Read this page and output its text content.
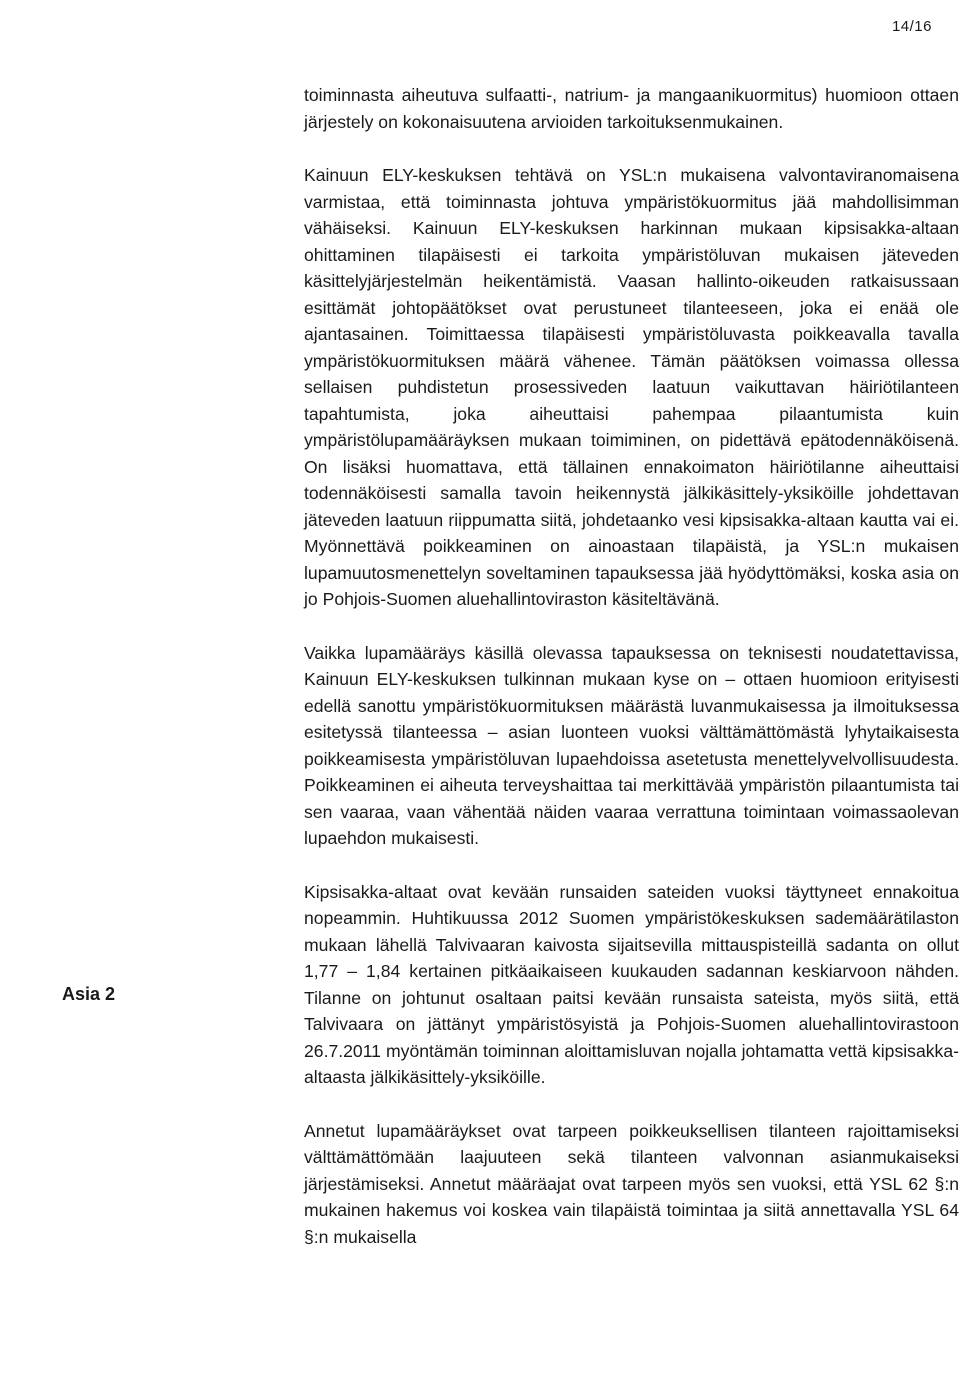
14/16
Asia 2

toiminnasta aiheutuva sulfaatti-, natrium- ja mangaanikuormitus) huomioon ottaen järjestely on kokonaisuutena arvioiden tarkoituksenmukainen.

Kainuun ELY-keskuksen tehtävä on YSL:n mukaisena valvontaviranomaisena varmistaa, että toiminnasta johtuva ympäristökuormitus jää mahdollisimman vähäiseksi. Kainuun ELY-keskuksen harkinnan mukaan kipsisakka-altaan ohittaminen tilapäisesti ei tarkoita ympäristöluvan mukaisen jäteveden käsittelyjärjestelmän heikentämistä. Vaasan hallinto-oikeuden ratkaisussaan esittämät johtopäätökset ovat perustuneet tilanteeseen, joka ei enää ole ajantasainen. Toimittaessa tilapäisesti ympäristöluvasta poikkeavalla tavalla ympäristökuormituksen määrä vähenee. Tämän päätöksen voimassa ollessa sellaisen puhdistetun prosessiveden laatuun vaikuttavan häiriötilanteen tapahtumista, joka aiheuttaisi pahempaa pilaantumista kuin ympäristölupamääräyksen mukaan toimiminen, on pidettävä epätodennäköisenä. On lisäksi huomattava, että tällainen ennakoimaton häiriötilanne aiheuttaisi todennäköisesti samalla tavoin heikennystä jälkikäsittely-yksiköille johdettavan jäteveden laatuun riippumatta siitä, johdetaanko vesi kipsisakka-altaan kautta vai ei. Myönnettävä poikkeaminen on ainoastaan tilapäistä, ja YSL:n mukaisen lupamuutosmenettelyn soveltaminen tapauksessa jää hyödyttömäksi, koska asia on jo Pohjois-Suomen aluehallintoviraston käsiteltävänä.

Vaikka lupamääräys käsillä olevassa tapauksessa on teknisesti noudatettavissa, Kainuun ELY-keskuksen tulkinnan mukaan kyse on – ottaen huomioon erityisesti edellä sanottu ympäristökuormituksen määrästä luvanmukaisessa ja ilmoituksessa esitetyssä tilanteessa – asian luonteen vuoksi välttämättömästä lyhytaikaisesta poikkeamisesta ympäristöluvan lupaehdoissa asetetusta menettelyvelvollisuudesta. Poikkeaminen ei aiheuta terveyshaittaa tai merkittävää ympäristön pilaantumista tai sen vaaraa, vaan vähentää näiden vaaraa verrattuna toimintaan voimassaolevan lupaehdon mukaisesti.

Kipsisakka-altaat ovat kevään runsaiden sateiden vuoksi täyttyneet ennakoitua nopeammin. Huhtikuussa 2012 Suomen ympäristökeskuksen sademäärätilaston mukaan lähellä Talvivaaran kaivosta sijaitsevilla mittauspisteillä sadanta on ollut 1,77 – 1,84 kertainen pitkäaikaiseen kuukauden sadannan keskiarvoon nähden. Tilanne on johtunut osaltaan paitsi kevään runsaista sateista, myös siitä, että Talvivaara on jättänyt ympäristösyistä ja Pohjois-Suomen aluehallintovirastoon 26.7.2011 myöntämän toiminnan aloittamisluvan nojalla johtamatta vettä kipsisakka-altaasta jälkikäsittely-yksiköille.

Annetut lupamääräykset ovat tarpeen poikkeuksellisen tilanteen rajoittamiseksi välttämättömään laajuuteen sekä tilanteen valvonnan asianmukaiseksi järjestämiseksi. Annetut määräajat ovat tarpeen myös sen vuoksi, että YSL 62 §:n mukainen hakemus voi koskea vain tilapäistä toimintaa ja siitä annettavalla YSL 64 §:n mukaisella
